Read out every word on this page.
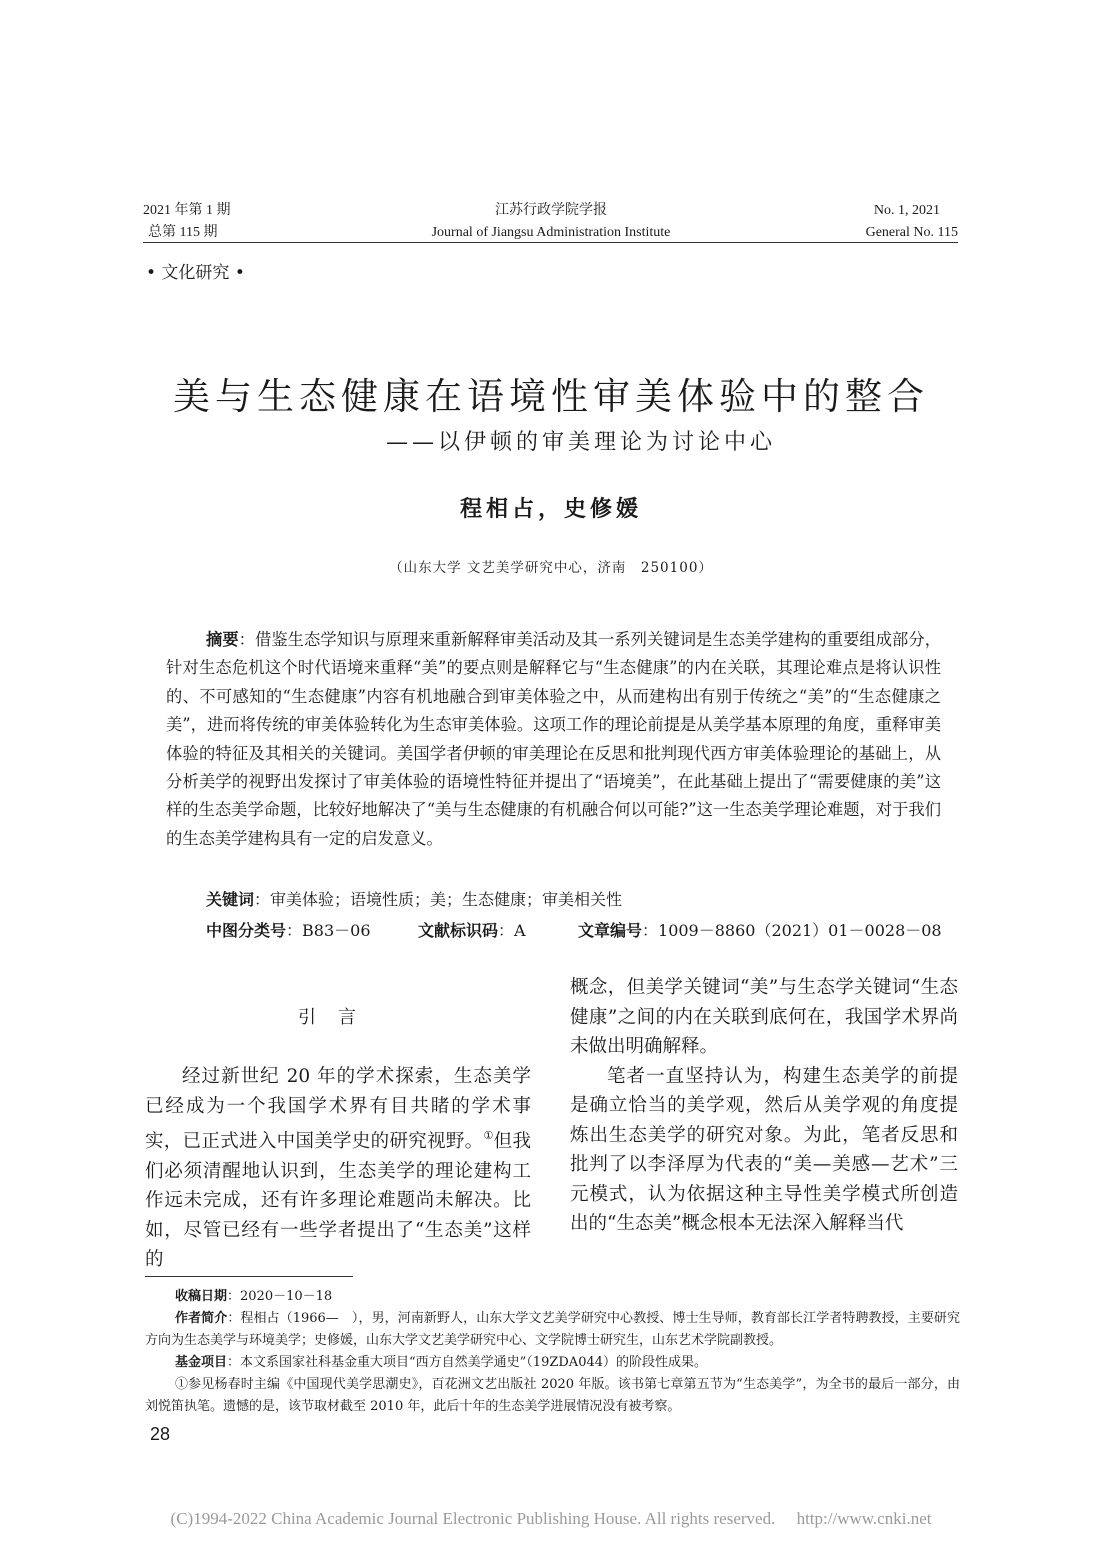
2021 年第 1 期
总第 115 期
江苏行政学院学报
Journal of Jiangsu Administration Institute
No. 1, 2021
General No. 115
• 文化研究 •
美与生态健康在语境性审美体验中的整合
——以伊顿的审美理论为讨论中心
程相占，史修媛
（山东大学 文艺美学研究中心，济南　250100）

摘要：借鉴生态学知识与原理来重新解释审美活动及其一系列关键词是生态美学建构的重要组成部分，针对生态危机这个时代语境来重释“美”的要点则是解释它与“生态健康”的内在关联，其理论难点是将认识性的、不可感知的“生态健康”内容有机地融合到审美体验之中，从而建构出有别于传统之“美”的“生态健康之美”，进而将传统的审美体验转化为生态审美体验。这项工作的理论前提是从美学基本原理的角度，重释审美体验的特征及其相关的关键词。美国学者伊顿的审美理论在反思和批判现代西方审美体验理论的基础上，从分析美学的视野出发探讨了审美体验的语境性特征并提出了“语境美”，在此基础上提出了“需要健康的美”这样的生态美学命题，比较好地解决了“美与生态健康的有机融合何以可能?”这一生态美学理论难题，对于我们的生态美学建构具有一定的启发意义。

关键词：审美体验；语境性质；美；生态健康；审美相关性
中图分类号：B83－06	文献标识码：A	文章编号：1009－8860（2021）01－0028－08
引言

经过新世纪 20 年的学术探索，生态美学已经成为一个我国学术界有目共睹的学术事实，已正式进入中国美学史的研究视野。①但我们必须清醒地认识到，生态美学的理论建构工作远未完成，还有许多理论难题尚未解决。比如，尽管已经有一些学者提出了“生态美”这样的

概念，但美学关键词“美”与生态学关键词“生态健康”之间的内在关联到底何在，我国学术界尚未做出明确解释。

笔者一直坚持认为，构建生态美学的前提是确立恰当的美学观，然后从美学观的角度提炼出生态美学的研究对象。为此，笔者反思和批判了以李泽厚为代表的“美—美感—艺术”三元模式，认为依据这种主导性美学模式所创造出的“生态美”概念根本无法深入解释当代

收稿日期：2020－10－18

作者简介：程相占（1966—　），男，河南新野人，山东大学文艺美学研究中心教授、博士生导师，教育部长江学者特聘教授，主要研究方向为生态美学与环境美学；史修媛，山东大学文艺美学研究中心、文学院博士研究生，山东艺术学院副教授。

基金项目：本文系国家社科基金重大项目“西方自然美学通史”（19ZDA044）的阶段性成果。

①参见杨春时主编《中国现代美学思潮史》，百花洲文艺出版社 2020 年版。该书第七章第五节为“生态美学”，为全书的最后一部分，由刘悦笛执笔。遗憾的是，该节取材截至 2010 年，此后十年的生态美学进展情况没有被考察。

28
(C)1994-2022 China Academic Journal Electronic Publishing House. All rights reserved.　 http://www.cnki.net
